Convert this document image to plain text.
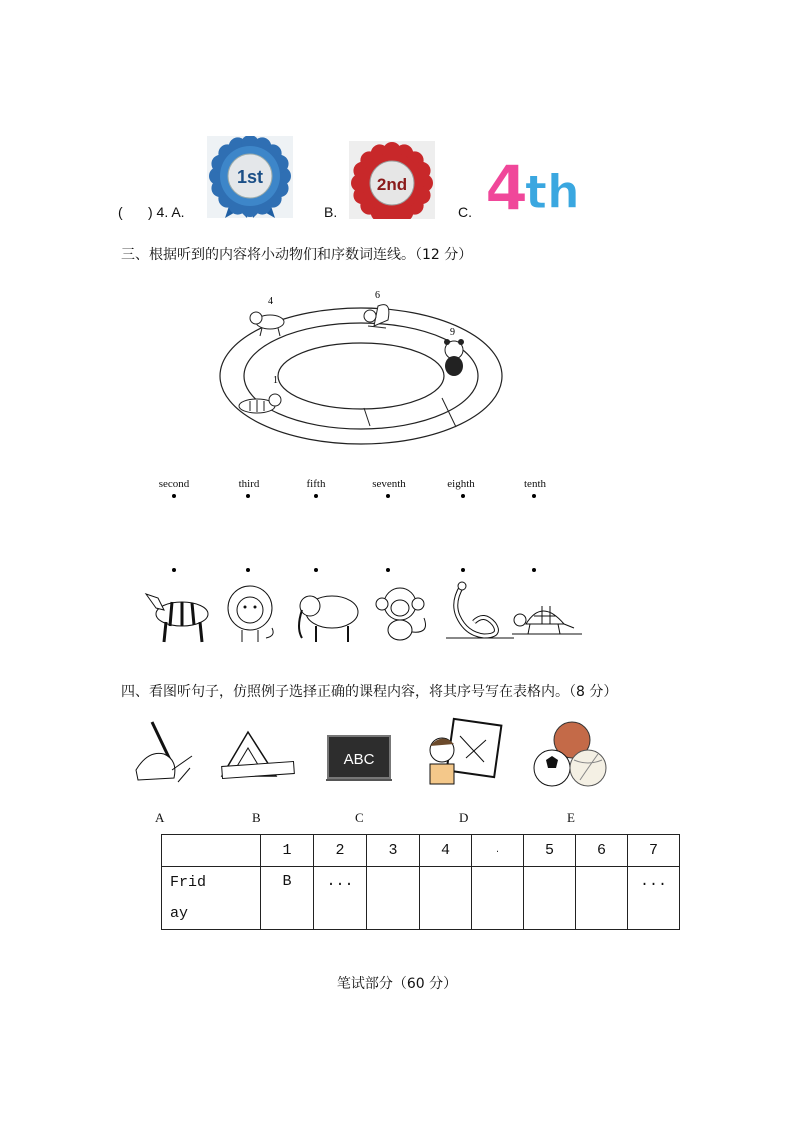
( ) 4. A.	B.	C.
1st	2nd 4
th
三、根据听到的内容将小动物们和序数词连线。（12 分）
4
6
9
1
second	third	fifth	seventh	eighth	tenth
四、看图听句子，仿照例子选择正确的课程内容，将其序号写在表格内。（8 分）
ABC
A	B	C	D	E
	1	2	3	4	.	5	6	7
Frid
ay	B	...						...
笔试部分（60 分）
